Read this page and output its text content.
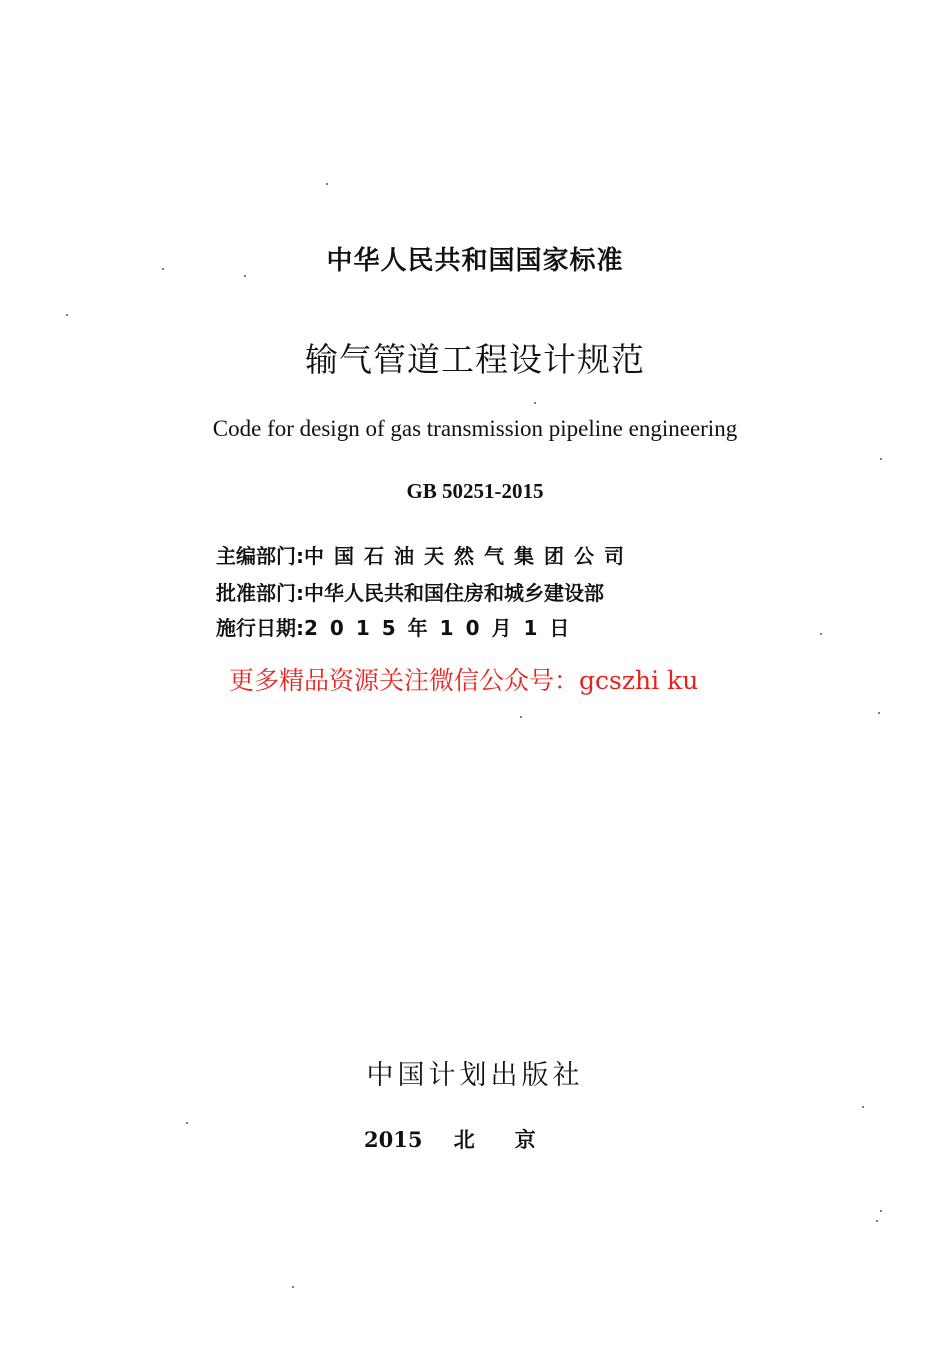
中华人民共和国国家标准
输气管道工程设计规范
Code for design of gas transmission pipeline engineering
GB 50251-2015
主编部门: 中国石油天然气集团公司
批准部门: 中华人民共和国住房和城乡建设部
施行日期: 2015年10月1日
更多精品资源关注微信公众号：gcszhi ku
中国计划出版社
2015 北京
